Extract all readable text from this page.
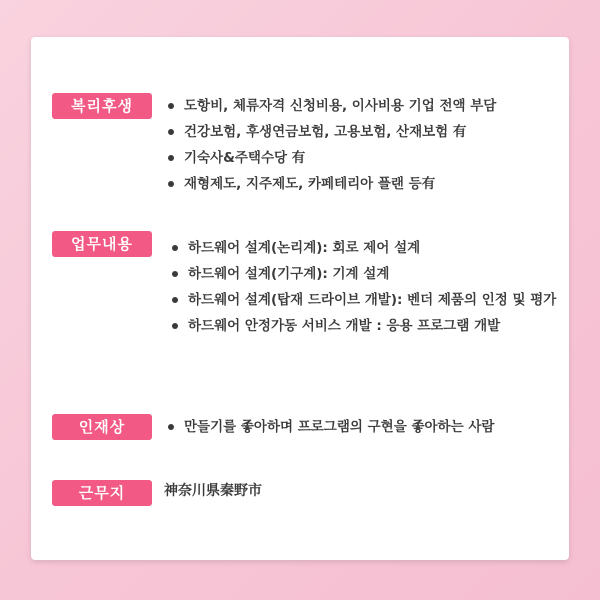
복리후생	도항비, 체류자격 신청비용, 이사비용 기업 전액 부담
건강보험, 후생연금보험, 고용보험, 산재보험 有
기숙사&주택수당 有
재형제도, 지주제도, 카페테리아 플랜 등有
업무내용	하드웨어 설계(논리계): 회로 제어 설계
하드웨어 설계(기구계): 기계 설계
하드웨어 설계(탑재 드라이브 개발): 벤더 제품의 인정 및 평가
하드웨어 안정가동 서비스 개발 : 응용 프로그램 개발
인재상	만들기를 좋아하며 프로그램의 구현을 좋아하는 사람
근무지	神奈川県秦野市
